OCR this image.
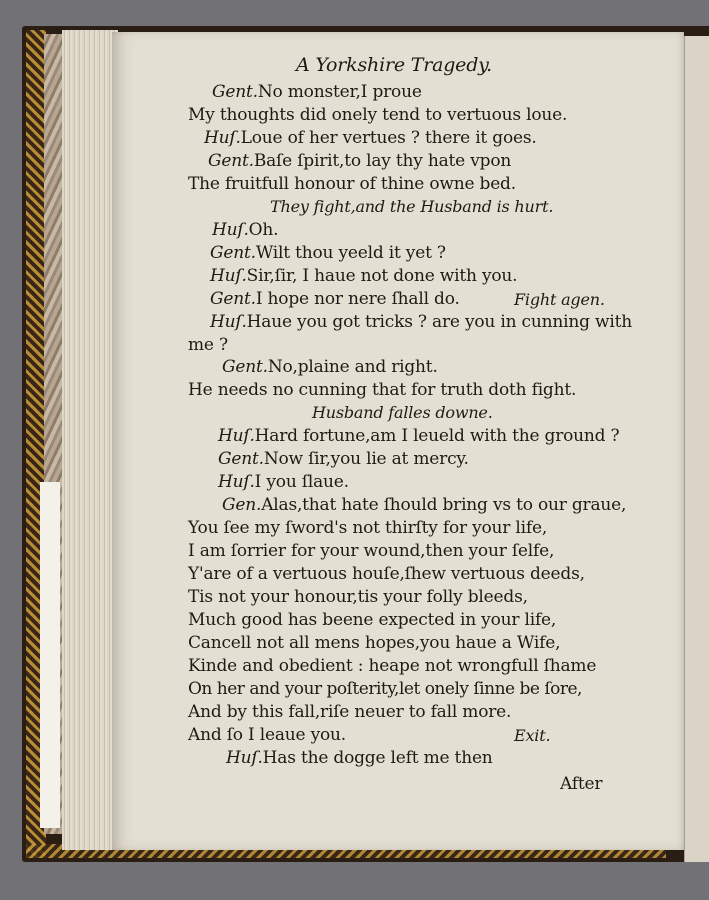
A Yorkshire Tragedy.
Gent.No monster,I proue
My thoughts did onely tend to vertuous loue.
Huſ.Loue of her vertues ? there it goes.
Gent.Baſe ſpirit,to lay thy hate vpon
The fruitfull honour of thine owne bed.
They fight,and the Husband is hurt.
Huſ.Oh.
Gent.Wilt thou yeeld it yet ?
Huſ.Sir,ſir, I haue not done with you.
Gent.I hope nor nere ſhall do.	Fight agen.
Huſ.Haue you got tricks ? are you in cunning with
me ?
Gent.No,plaine and right.
He needs no cunning that for truth doth fight.
Husband falles downe.
Huſ.Hard fortune,am I leueld with the ground ?
Gent.Now ſir,you lie at mercy.
Huſ.I you ſlaue.
Gen.Alas,that hate ſhould bring vs to our graue,
You ſee my ſword's not thirſty for your life,
I am ſorrier for your wound,then your ſelfe,
Y'are of a vertuous houſe,ſhew vertuous deeds,
Tis not your honour,tis your folly bleeds,
Much good has beene expected in your life,
Cancell not all mens hopes,you haue a Wife,
Kinde and obedient : heape not wrongfull ſhame
On her and your poſterity,let onely ſinne be ſore,
And by this fall,riſe neuer to fall more.
And ſo I leaue you.	Exit.
Huſ.Has the dogge left me then
After
